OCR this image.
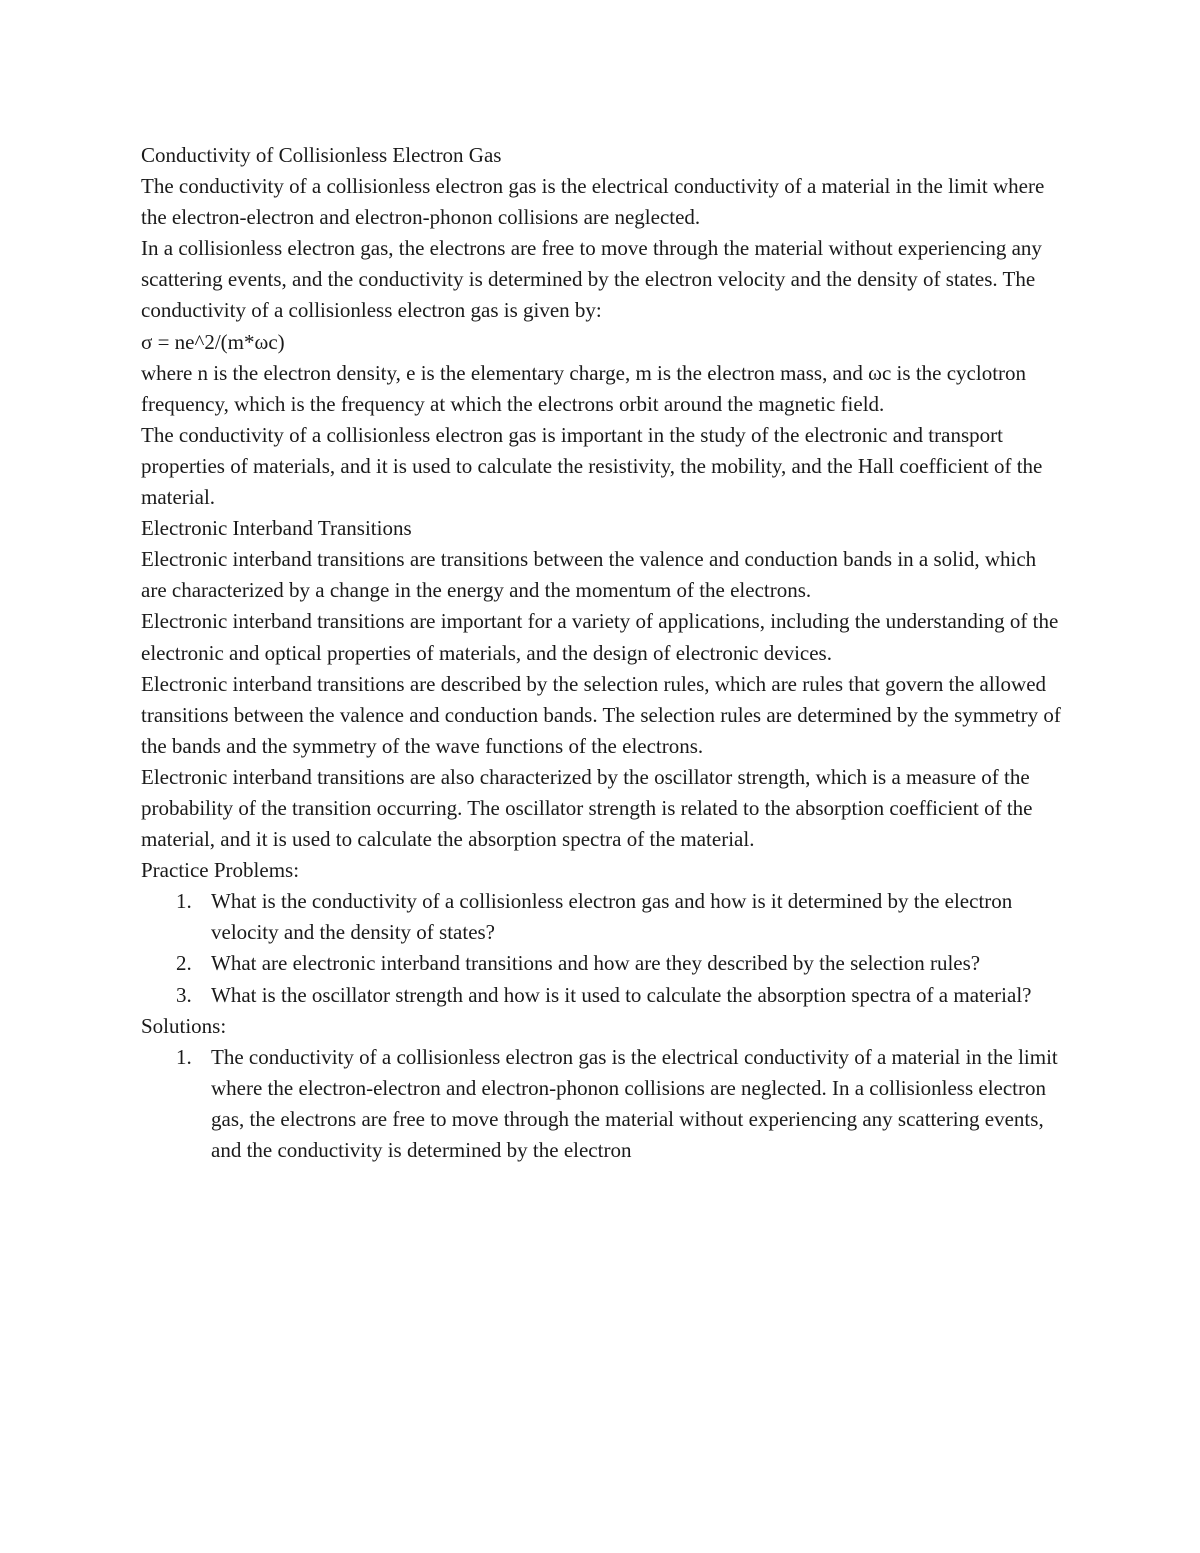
Conductivity of Collisionless Electron Gas

The conductivity of a collisionless electron gas is the electrical conductivity of a material in the limit where the electron-electron and electron-phonon collisions are neglected.

In a collisionless electron gas, the electrons are free to move through the material without experiencing any scattering events, and the conductivity is determined by the electron velocity and the density of states. The conductivity of a collisionless electron gas is given by:

σ = ne^2/(m*ωc)

where n is the electron density, e is the elementary charge, m is the electron mass, and ωc is the cyclotron frequency, which is the frequency at which the electrons orbit around the magnetic field.

The conductivity of a collisionless electron gas is important in the study of the electronic and transport properties of materials, and it is used to calculate the resistivity, the mobility, and the Hall coefficient of the material.

Electronic Interband Transitions

Electronic interband transitions are transitions between the valence and conduction bands in a solid, which are characterized by a change in the energy and the momentum of the electrons.

Electronic interband transitions are important for a variety of applications, including the understanding of the electronic and optical properties of materials, and the design of electronic devices.

Electronic interband transitions are described by the selection rules, which are rules that govern the allowed transitions between the valence and conduction bands. The selection rules are determined by the symmetry of the bands and the symmetry of the wave functions of the electrons.

Electronic interband transitions are also characterized by the oscillator strength, which is a measure of the probability of the transition occurring. The oscillator strength is related to the absorption coefficient of the material, and it is used to calculate the absorption spectra of the material.

Practice Problems:

1. What is the conductivity of a collisionless electron gas and how is it determined by the electron velocity and the density of states?
2. What are electronic interband transitions and how are they described by the selection rules?
3. What is the oscillator strength and how is it used to calculate the absorption spectra of a material?

Solutions:

1. The conductivity of a collisionless electron gas is the electrical conductivity of a material in the limit where the electron-electron and electron-phonon collisions are neglected. In a collisionless electron gas, the electrons are free to move through the material without experiencing any scattering events, and the conductivity is determined by the electron
